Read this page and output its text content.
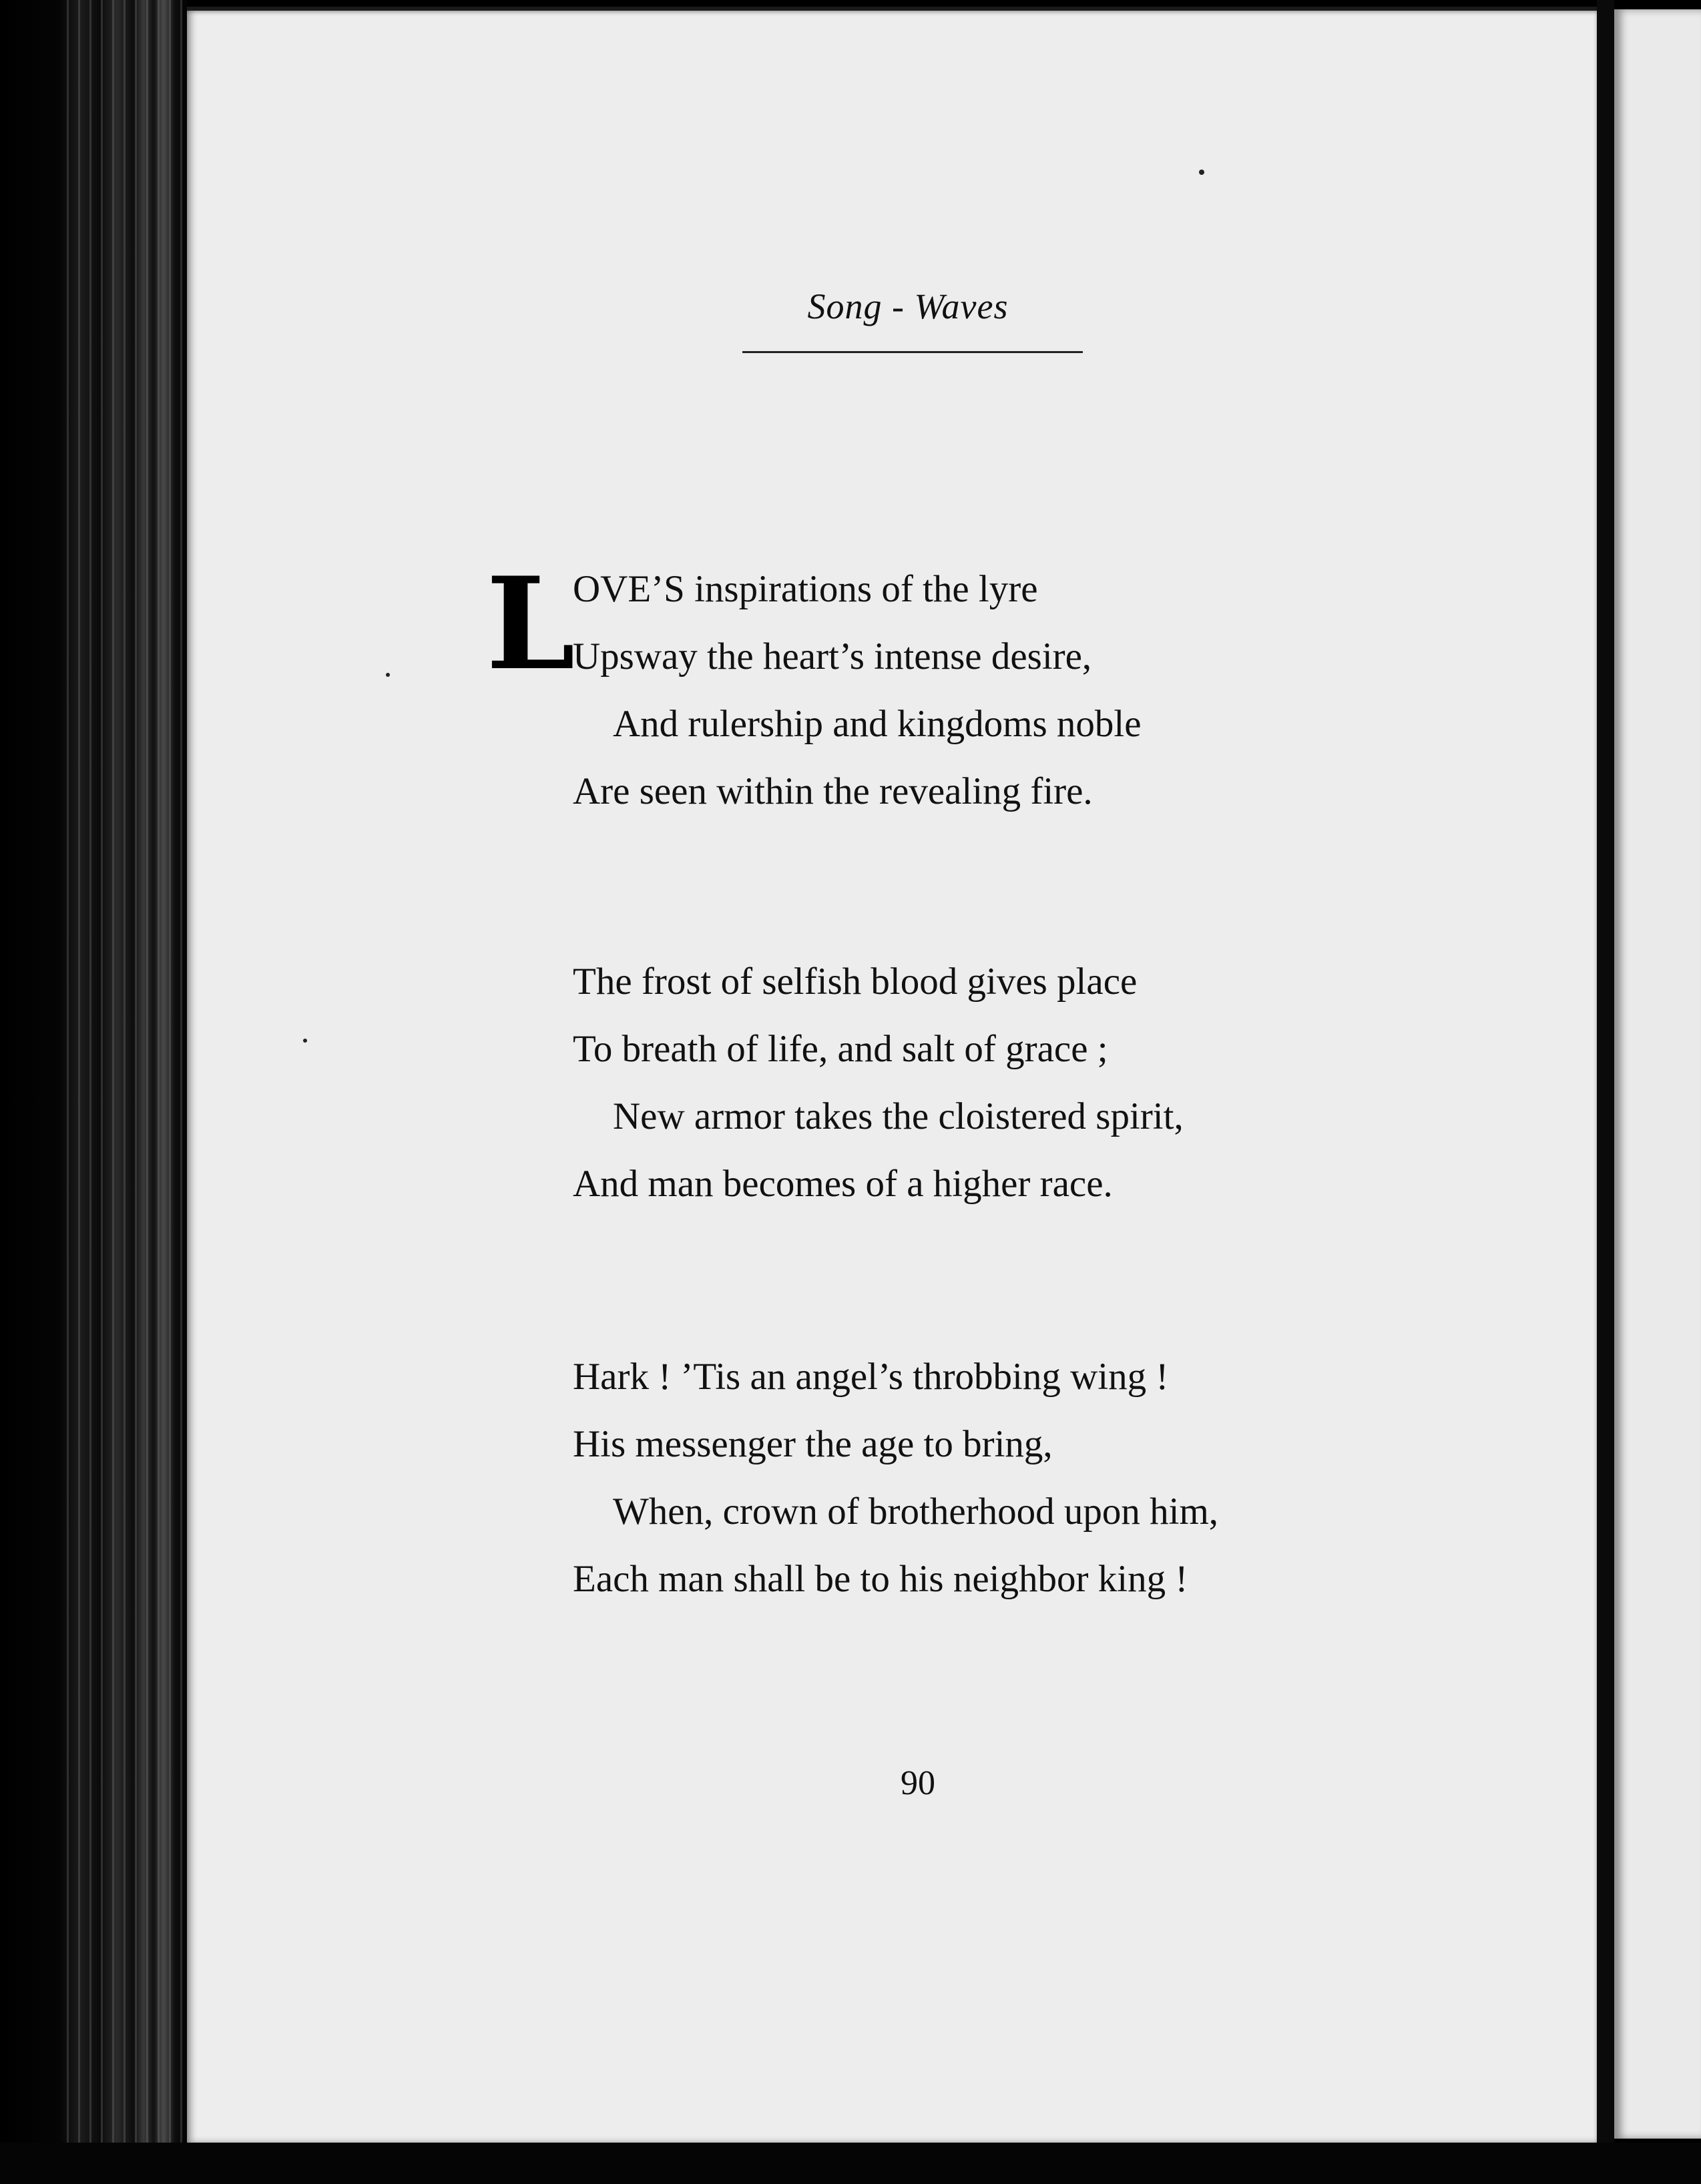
Song - Waves
L
OVE’S inspirations of the lyre
Upsway the heart’s intense desire,
And rulership and kingdoms noble
Are seen within the revealing fire.
The frost of selfish blood gives place
To breath of life, and salt of grace ;
New armor takes the cloistered spirit,
And man becomes of a higher race.
Hark ! ’Tis an angel’s throbbing wing !
His messenger the age to bring,
When, crown of brotherhood upon him,
Each man shall be to his neighbor king !
90
